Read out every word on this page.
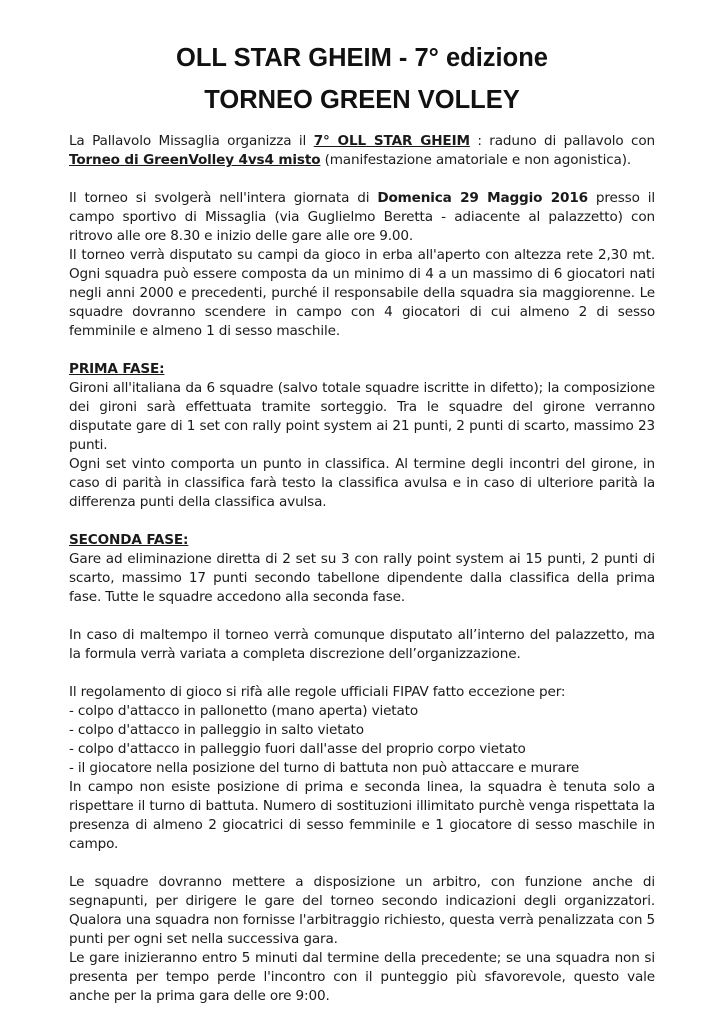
OLL STAR GHEIM - 7° edizione
TORNEO GREEN VOLLEY

La Pallavolo Missaglia organizza il 7° OLL STAR GHEIM : raduno di pallavolo con Torneo di GreenVolley 4vs4 misto (manifestazione amatoriale e non agonistica).

Il torneo si svolgerà nell'intera giornata di Domenica 29 Maggio 2016 presso il campo sportivo di Missaglia (via Guglielmo Beretta - adiacente al palazzetto) con ritrovo alle ore 8.30 e inizio delle gare alle ore 9.00.

Il torneo verrà disputato su campi da gioco in erba all'aperto con altezza rete 2,30 mt. Ogni squadra può essere composta da un minimo di 4 a un massimo di 6 giocatori nati negli anni 2000 e precedenti, purché il responsabile della squadra sia maggiorenne. Le squadre dovranno scendere in campo con 4 giocatori di cui almeno 2 di sesso femminile e almeno 1 di sesso maschile.

PRIMA FASE:

Gironi all'italiana da 6 squadre (salvo totale squadre iscritte in difetto); la composizione dei gironi sarà effettuata tramite sorteggio. Tra le squadre del girone verranno disputate gare di 1 set con rally point system ai 21 punti, 2 punti di scarto, massimo 23 punti.

Ogni set vinto comporta un punto in classifica. Al termine degli incontri del girone, in caso di parità in classifica farà testo la classifica avulsa e in caso di ulteriore parità la differenza punti della classifica avulsa.

SECONDA FASE:

Gare ad eliminazione diretta di 2 set su 3 con rally point system ai 15 punti, 2 punti di scarto, massimo 17 punti secondo tabellone dipendente dalla classifica della prima fase. Tutte le squadre accedono alla seconda fase.

In caso di maltempo il torneo verrà comunque disputato all’interno del palazzetto, ma la formula verrà variata a completa discrezione dell’organizzazione.

Il regolamento di gioco si rifà alle regole ufficiali FIPAV fatto eccezione per:

- colpo d'attacco in pallonetto (mano aperta) vietato

- colpo d'attacco in palleggio in salto vietato

- colpo d'attacco in palleggio fuori dall'asse del proprio corpo vietato

- il giocatore nella posizione del turno di battuta non può attaccare e murare

In campo non esiste posizione di prima e seconda linea, la squadra è tenuta solo a rispettare il turno di battuta. Numero di sostituzioni illimitato purchè venga rispettata la presenza di almeno 2 giocatrici di sesso femminile e 1 giocatore di sesso maschile in campo.

Le squadre dovranno mettere a disposizione un arbitro, con funzione anche di segnapunti, per dirigere le gare del torneo secondo indicazioni degli organizzatori. Qualora una squadra non fornisse l'arbitraggio richiesto, questa verrà penalizzata con 5 punti per ogni set nella successiva gara.

Le gare inizieranno entro 5 minuti dal termine della precedente; se una squadra non si presenta per tempo perde l'incontro con il punteggio più sfavorevole, questo vale anche per la prima gara delle ore 9:00.
